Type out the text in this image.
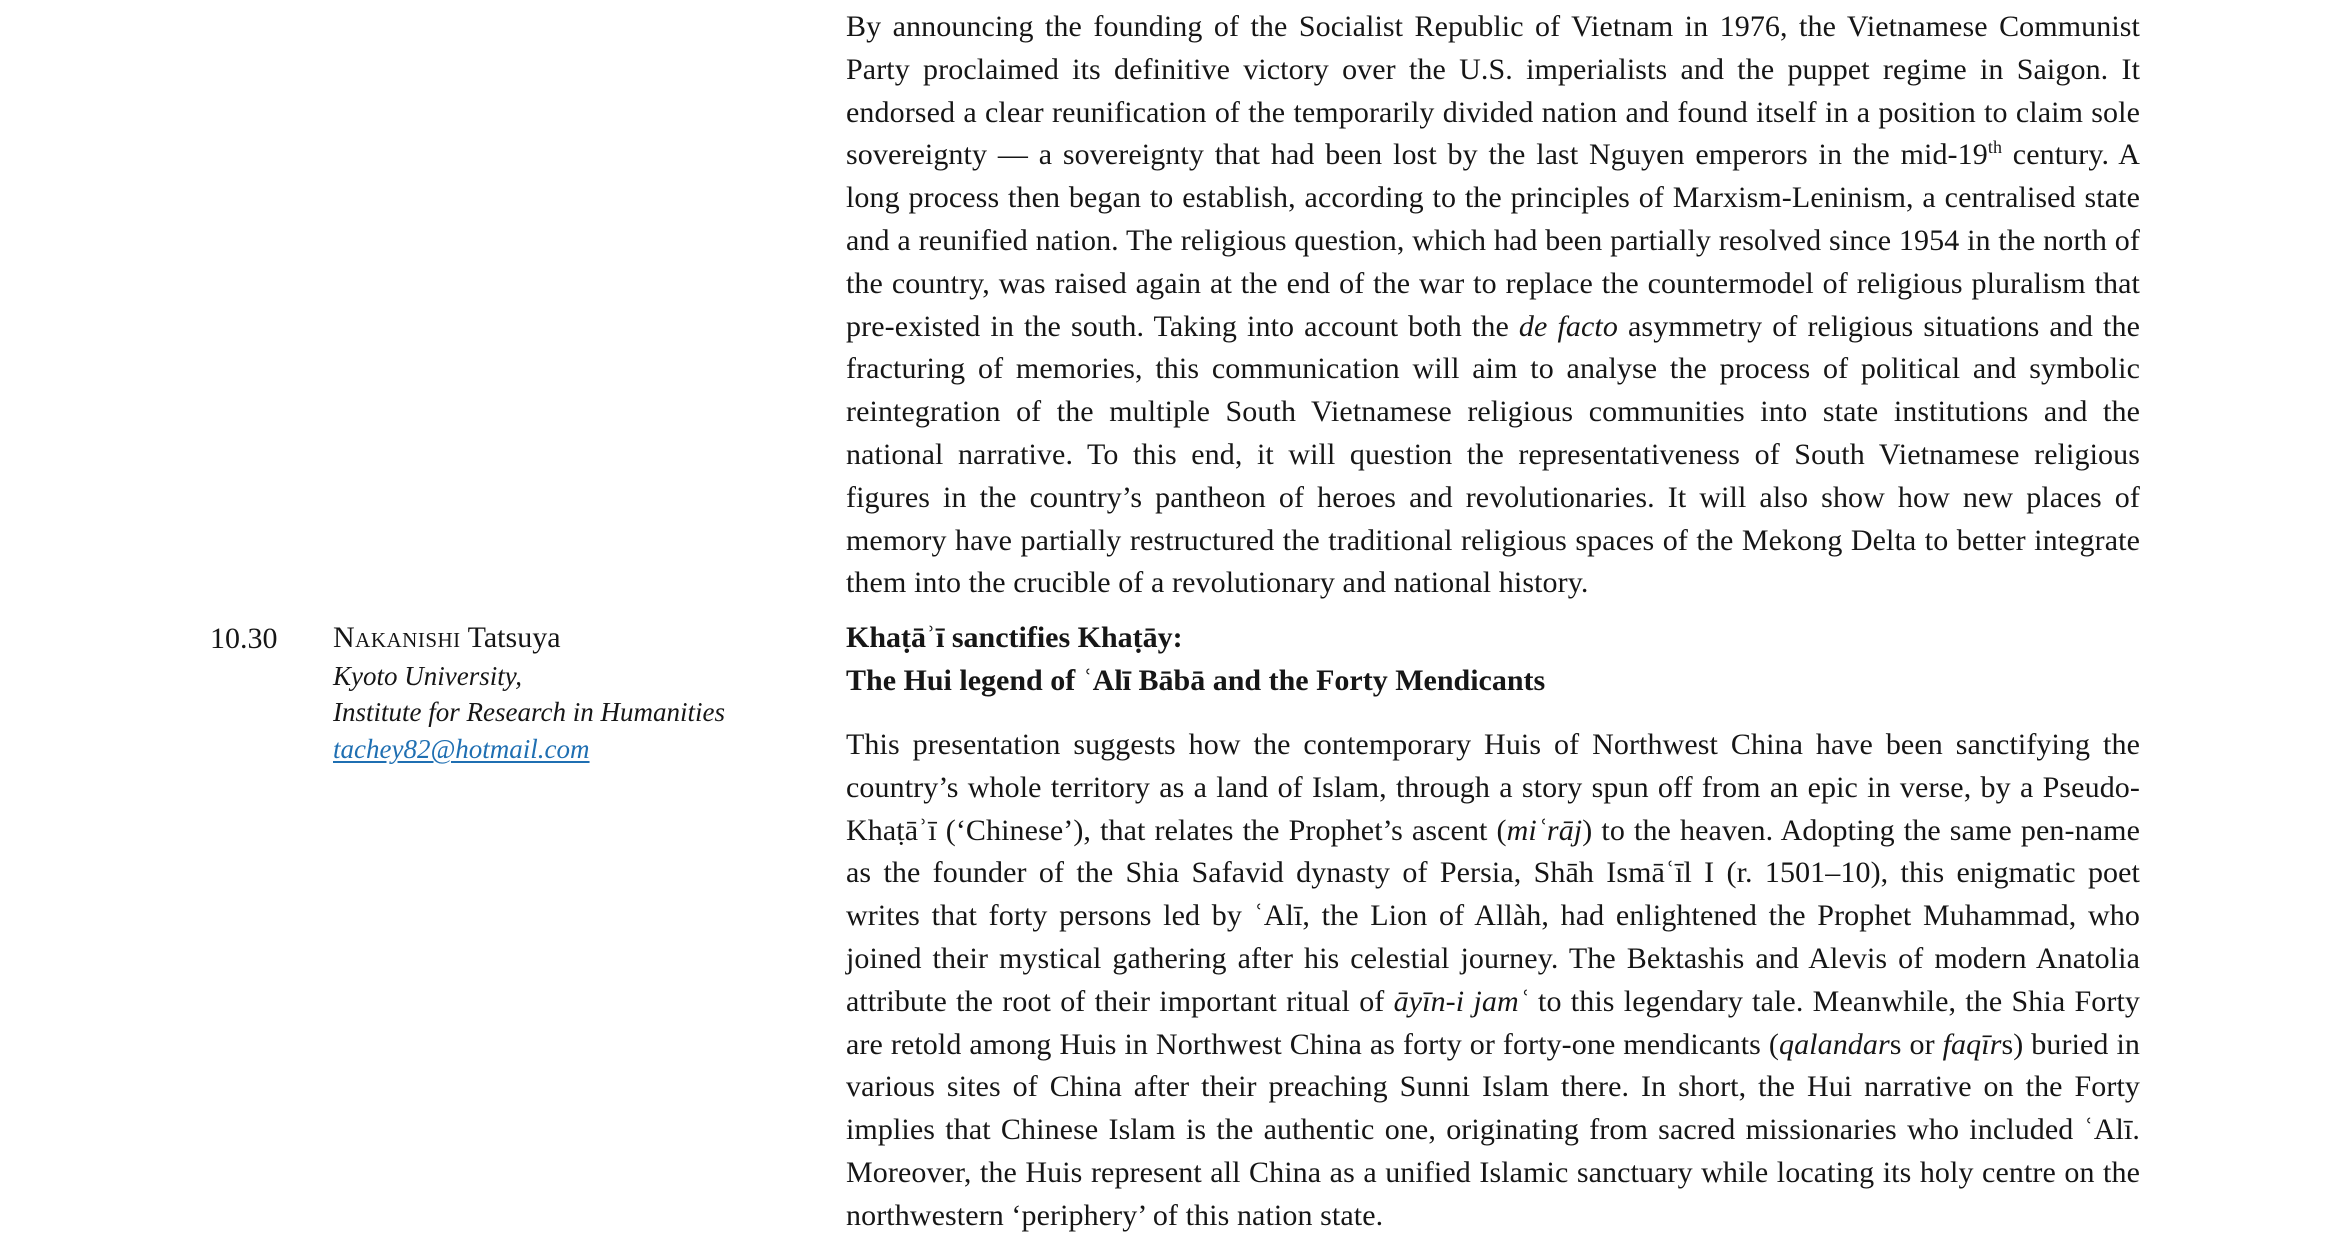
By announcing the founding of the Socialist Republic of Vietnam in 1976, the Vietnamese Communist Party proclaimed its definitive victory over the U.S. imperialists and the puppet regime in Saigon. It endorsed a clear reunification of the temporarily divided nation and found itself in a position to claim sole sovereignty — a sovereignty that had been lost by the last Nguyen emperors in the mid-19th century. A long process then began to establish, according to the principles of Marxism-Leninism, a centralised state and a reunified nation. The religious question, which had been partially resolved since 1954 in the north of the country, was raised again at the end of the war to replace the countermodel of religious pluralism that pre-existed in the south. Taking into account both the de facto asymmetry of religious situations and the fracturing of memories, this communication will aim to analyse the process of political and symbolic reintegration of the multiple South Vietnamese religious communities into state institutions and the national narrative. To this end, it will question the representativeness of South Vietnamese religious figures in the country’s pantheon of heroes and revolutionaries. It will also show how new places of memory have partially restructured the traditional religious spaces of the Mekong Delta to better integrate them into the crucible of a revolutionary and national history.

10.30 Nakanishi Tatsuya
Kyoto University,
Institute for Research in Humanities
tachey82@hotmail.com
Khaṭāʾī sanctifies Khaṭāy:
The Hui legend of ʿAlī Bābā and the Forty Mendicants

This presentation suggests how the contemporary Huis of Northwest China have been sanctifying the country’s whole territory as a land of Islam, through a story spun off from an epic in verse, by a Pseudo-Khaṭāʾī (‘Chinese’), that relates the Prophet’s ascent (miʿrāj) to the heaven. Adopting the same pen-name as the founder of the Shia Safavid dynasty of Persia, Shāh Ismāʿīl I (r. 1501–10), this enigmatic poet writes that forty persons led by ʿAlī, the Lion of Allàh, had enlightened the Prophet Muhammad, who joined their mystical gathering after his celestial journey. The Bektashis and Alevis of modern Anatolia attribute the root of their important ritual of āyīn-i jamʿ to this legendary tale. Meanwhile, the Shia Forty are retold among Huis in Northwest China as forty or forty-one mendicants (qalandars or faqīrs) buried in various sites of China after their preaching Sunni Islam there. In short, the Hui narrative on the Forty implies that Chinese Islam is the authentic one, originating from sacred missionaries who included ʿAlī. Moreover, the Huis represent all China as a unified Islamic sanctuary while locating its holy centre on the northwestern ‘periphery’ of this nation state.
